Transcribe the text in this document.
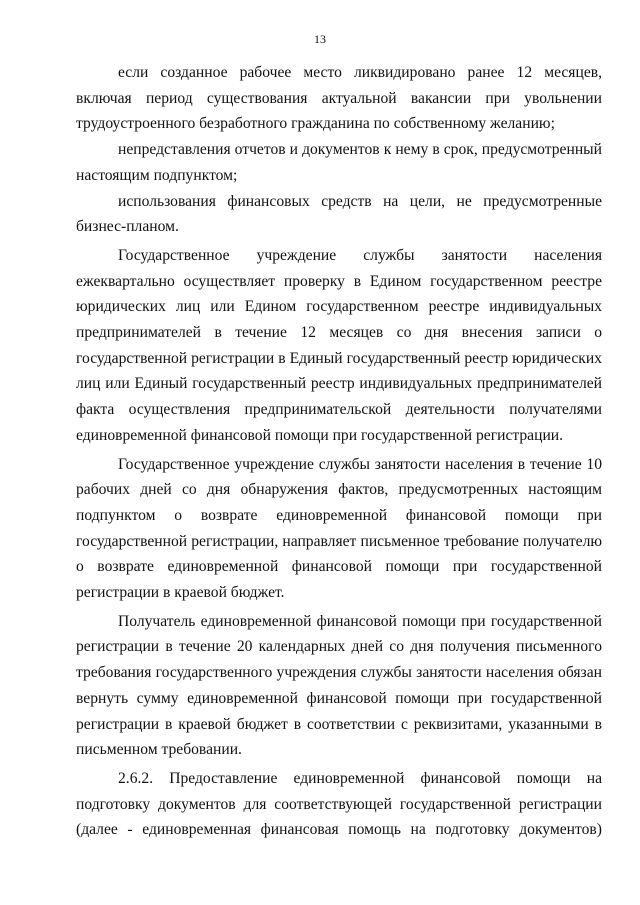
13

если созданное рабочее место ликвидировано ранее 12 месяцев, включая период существования актуальной вакансии при увольнении трудоустроенного безработного гражданина по собственному желанию;

непредставления отчетов и документов к нему в срок, предусмотренный настоящим подпунктом;

использования финансовых средств на цели, не предусмотренные бизнес-планом.

Государственное учреждение службы занятости населения ежеквартально осуществляет проверку в Едином государственном реестре юридических лиц или Едином государственном реестре индивидуальных предпринимателей в течение 12 месяцев со дня внесения записи о государственной регистрации в Единый государственный реестр юридических лиц или Единый государственный реестр индивидуальных предпринимателей факта осуществления предпринимательской деятельности получателями единовременной финансовой помощи при государственной регистрации.

Государственное учреждение службы занятости населения в течение 10 рабочих дней со дня обнаружения фактов, предусмотренных настоящим подпунктом о возврате единовременной финансовой помощи при государственной регистрации, направляет письменное требование получателю о возврате единовременной финансовой помощи при государственной регистрации в краевой бюджет.

Получатель единовременной финансовой помощи при государственной регистрации в течение 20 календарных дней со дня получения письменного требования государственного учреждения службы занятости населения обязан вернуть сумму единовременной финансовой помощи при государственной регистрации в краевой бюджет в соответствии с реквизитами, указанными в письменном требовании.

2.6.2. Предоставление единовременной финансовой помощи на подготовку документов для соответствующей государственной регистрации (далее - единовременная финансовая помощь на подготовку документов)
